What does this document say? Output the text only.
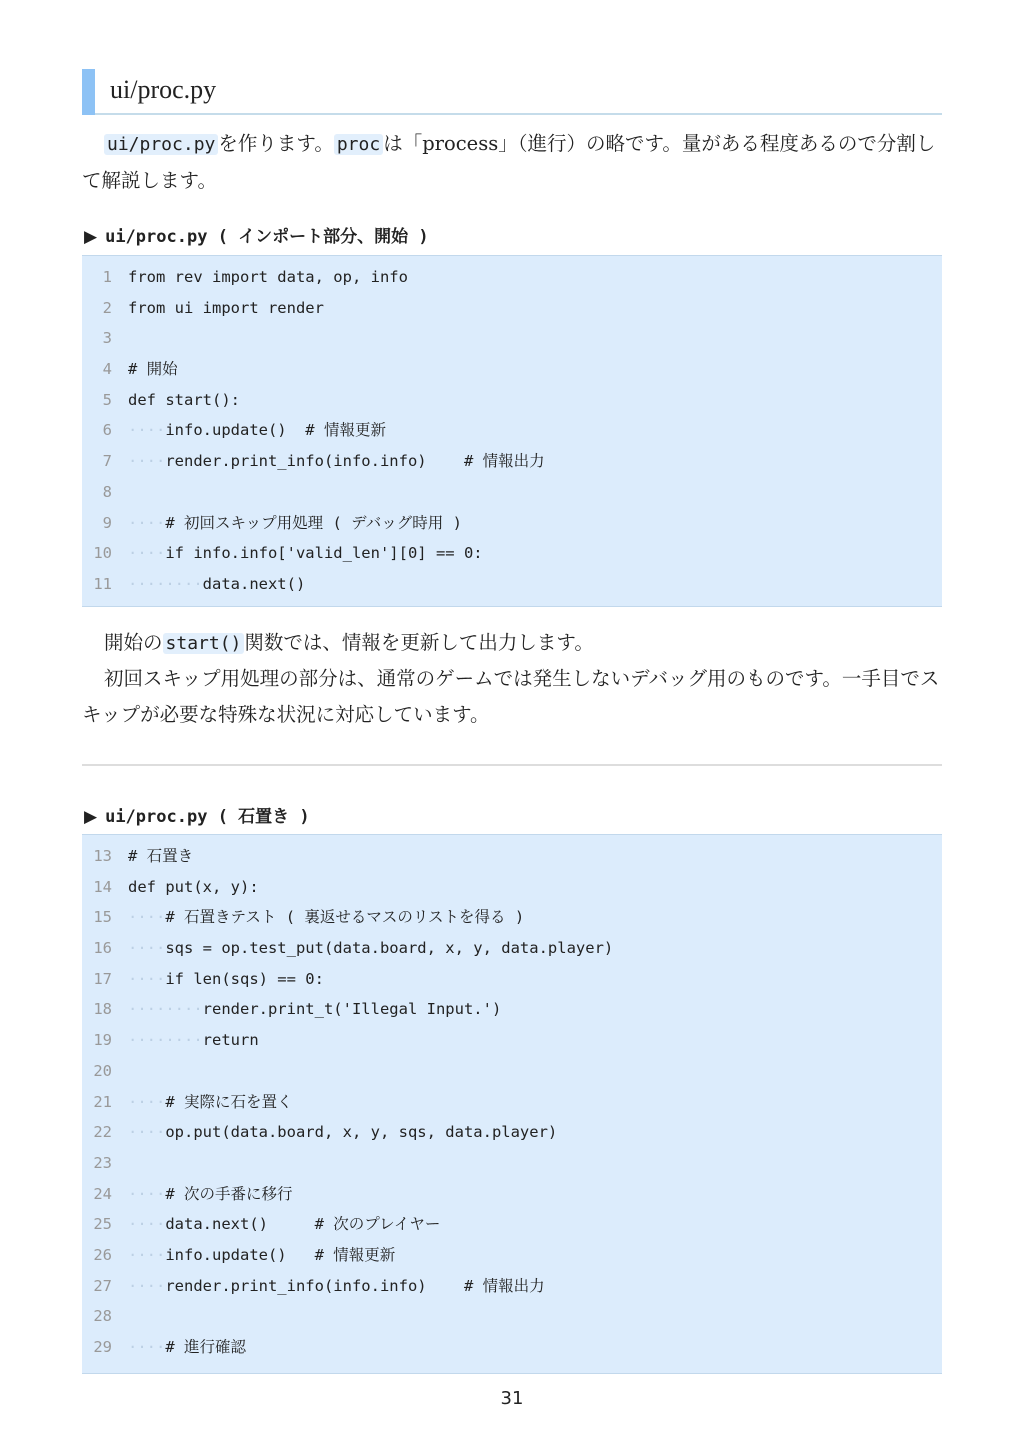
ui/proc.py
ui/proc.py を作ります。 proc は「process」（進行）の略です。量がある程度あるので分割して解説します。
▶ ui/proc.py ( インポート部分、開始 )
1 from rev import data, op, info
2 from ui import render
3
4 # 開始
5 def start():
6 ···· info.update()  # 情報更新
7 ···· render.print_info(info.info)    # 情報出力
8
9 ···· # 初回スキップ用処理 ( デバッグ時用 )
10 ···· if info.info['valid_len'][0] == 0:
11 ········ data.next()
開始の start() 関数では、情報を更新して出力します。
初回スキップ用処理の部分は、通常のゲームでは発生しないデバッグ用のものです。一手目でスキップが必要な特殊な状況に対応しています。
▶ ui/proc.py ( 石置き )
13 # 石置き
14 def put(x, y):
15 ···· # 石置きテスト ( 裏返せるマスのリストを得る )
16 ···· sqs = op.test_put(data.board, x, y, data.player)
17 ···· if len(sqs) == 0:
18 ········ render.print_t('Illegal Input.')
19 ········ return
20
21 ···· # 実際に石を置く
22 ···· op.put(data.board, x, y, sqs, data.player)
23
24 ···· # 次の手番に移行
25 ···· data.next()     # 次のプレイヤー
26 ···· info.update()   # 情報更新
27 ···· render.print_info(info.info)    # 情報出力
28
29 ···· # 進行確認
31
